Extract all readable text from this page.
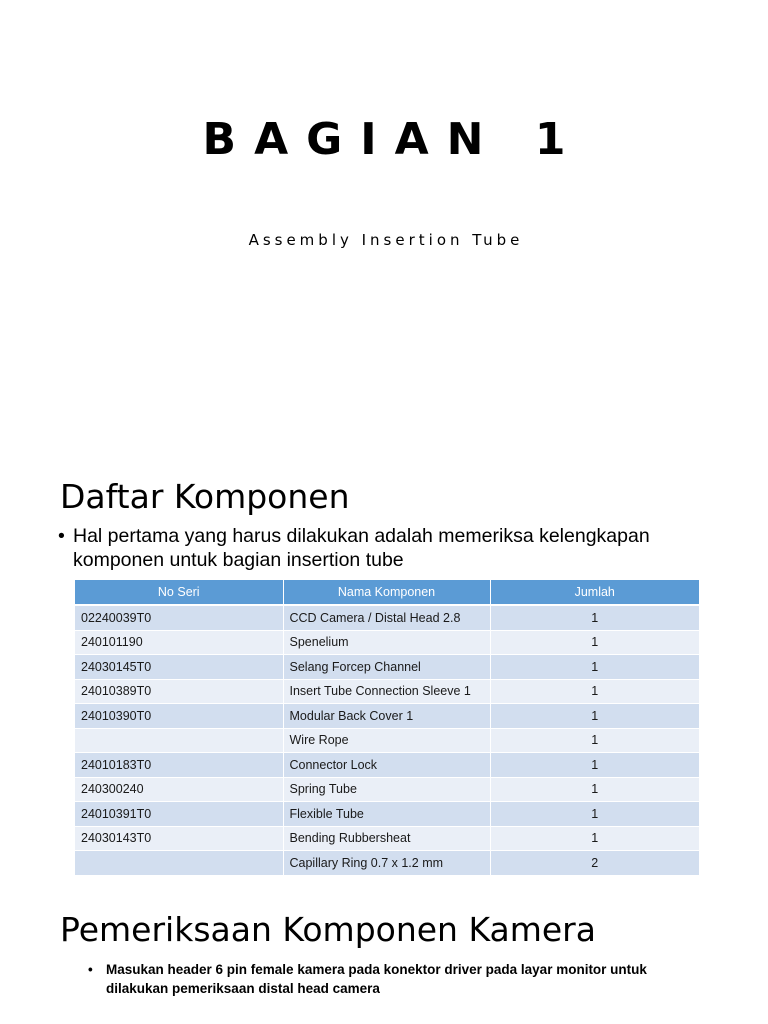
BAGIAN 1
Assembly Insertion Tube
Daftar Komponen
• Hal pertama yang harus dilakukan adalah memeriksa kelengkapan komponen untuk bagian insertion tube
No Seri	Nama Komponen	Jumlah
02240039T0	CCD Camera / Distal Head 2.8	1
240101190	Spenelium	1
24030145T0	Selang Forcep Channel	1
24010389T0	Insert Tube Connection Sleeve 1	1
24010390T0	Modular Back Cover 1	1
	Wire Rope	1
24010183T0	Connector Lock	1
240300240	Spring Tube	1
24010391T0	Flexible Tube	1
24030143T0	Bending Rubbersheat	1
	Capillary Ring 0.7 x 1.2 mm	2
Pemeriksaan Komponen Kamera
• Masukan header 6 pin female kamera pada konektor driver pada layar monitor untuk dilakukan pemeriksaan distal head camera
